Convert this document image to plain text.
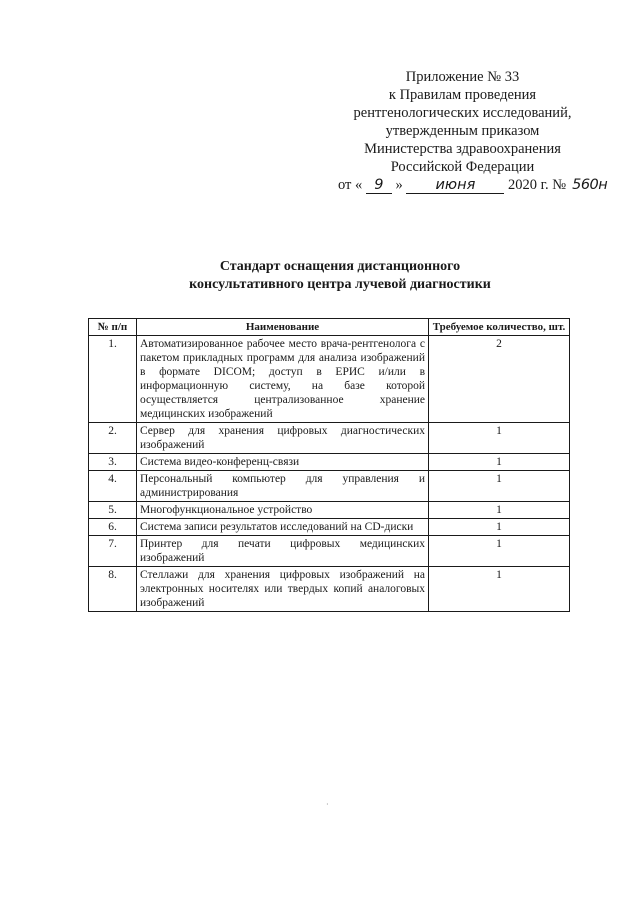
Приложение № 33
к Правилам проведения
рентгенологических исследований,
утвержденным приказом
Министерства здравоохранения
Российской Федерации
от « 9 » июня 2020 г. № 560н
Стандарт оснащения дистанционного
консультативного центра лучевой диагностики
№ п/п	Наименование	Требуемое количество, шт.
1.	Автоматизированное рабочее место врача-рентгенолога с пакетом прикладных программ для анализа изображений в формате DICOM; доступ в ЕРИС и/или в информационную систему, на базе которой осуществляется централизованное хранение медицинских изображений	2
2.	Сервер для хранения цифровых диагностических изображений	1
3.	Система видео-конференц-связи	1
4.	Персональный компьютер для управления и администрирования	1
5.	Многофункциональное устройство	1
6.	Система записи результатов исследований на CD-диски	1
7.	Принтер для печати цифровых медицинских изображений	1
8.	Стеллажи для хранения цифровых изображений на электронных носителях или твердых копий аналоговых изображений	1
·
